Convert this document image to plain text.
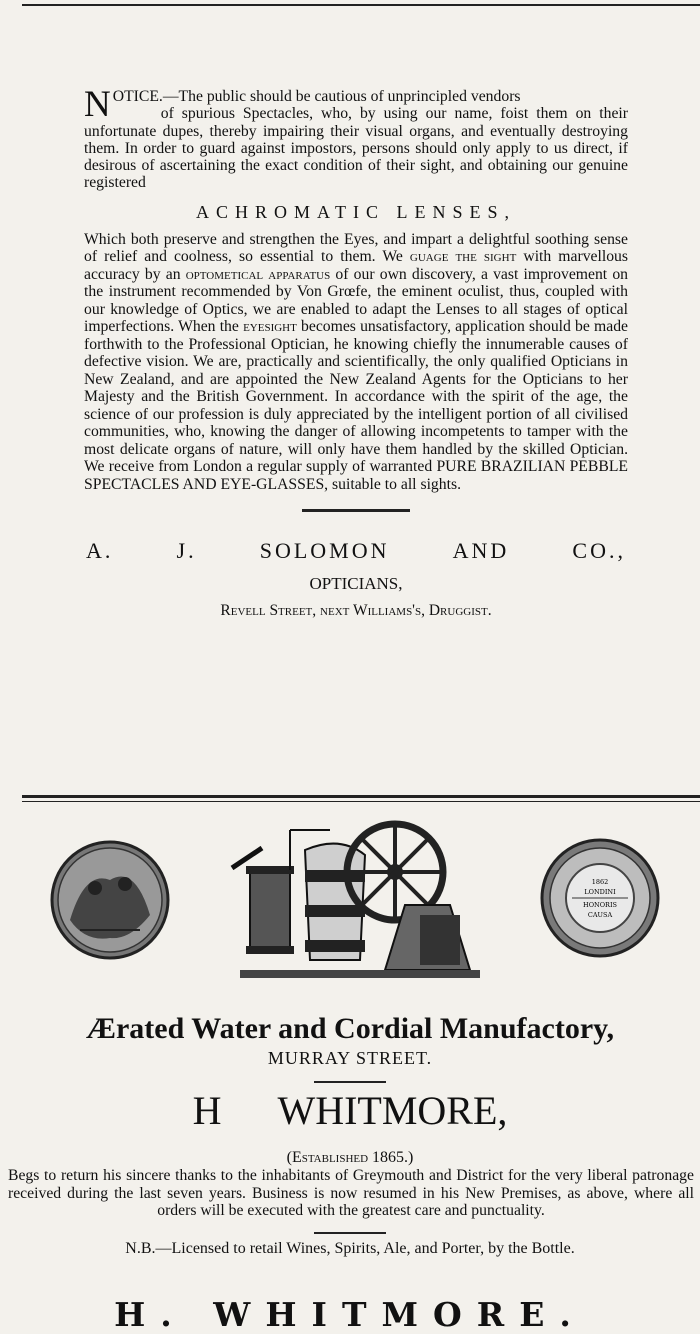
NOTICE.—The public should be cautious of unprincipled vendors
of spurious Spectacles, who, by using our name, foist them on their unfortunate dupes, thereby impairing their visual organs, and eventually destroying them. In order to guard against impostors, persons should only apply to us direct, if desirous of ascertaining the exact condition of their sight, and obtaining our genuine registered

ACHROMATIC LENSES,

Which both preserve and strengthen the Eyes, and impart a delightful soothing sense of relief and coolness, so essential to them. We guage the sight with marvellous accuracy by an optometical apparatus of our own discovery, a vast improvement on the instrument recommended by Von Grœfe, the eminent oculist, thus, coupled with our knowledge of Optics, we are enabled to adapt the Lenses to all stages of optical imperfections. When the eyesight becomes unsatisfactory, application should be made forthwith to the Professional Optician, he knowing chiefly the innumerable causes of defective vision. We are, practically and scientifically, the only qualified Opticians in New Zealand, and are appointed the New Zealand Agents for the Opticians to her Majesty and the British Government. In accordance with the spirit of the age, the science of our profession is duly appreciated by the intelligent portion of all civilised communities, who, knowing the danger of allowing incompetents to tamper with the most delicate organs of nature, will only have them handled by the skilled Optician. We receive from London a regular supply of warranted PURE BRAZILIAN PEBBLE SPECTACLES AND EYE-GLASSES, suitable to all sights.

A.	J.	SOLOMON	AND	CO.,
OPTICIANS,
Revell Street, next Williams's, Druggist.
1862
LONDINI
HONORIS
CAUSA
Ærated Water and Cordial Manufactory,
MURRAY STREET.
H WHITMORE,
(Established 1865.)

Begs to return his sincere thanks to the inhabitants of Greymouth and District for the very liberal patronage received during the last seven years. Business is now resumed in his New Premises, as above, where all orders will be executed with the greatest care and punctuality.

N.B.—Licensed to retail Wines, Spirits, Ale, and Porter, by the Bottle.
H. WHITMORE.
